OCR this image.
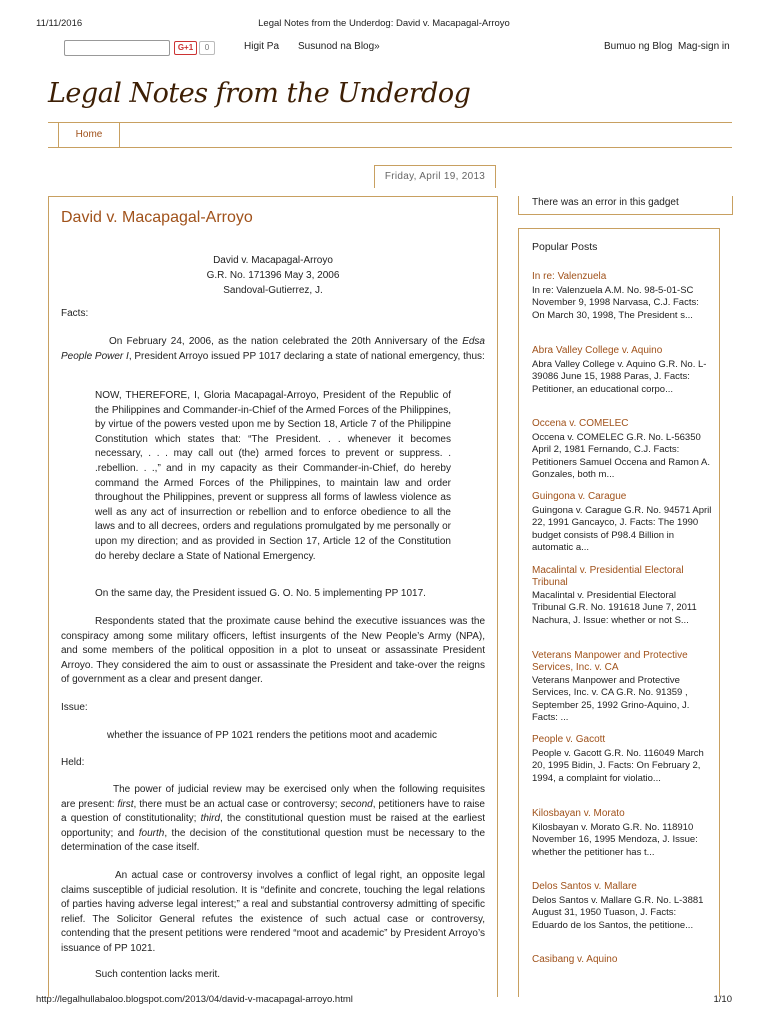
11/11/2016	Legal Notes from the Underdog: David v. Macapagal-Arroyo
G+1	0	Higit Pa Susunod na Blog»	Bumuo ng Blog Mag-sign in
Legal Notes from the Underdog
Home
Friday, April 19, 2013
David v. Macapagal-Arroyo
David v. Macapagal-Arroyo
G.R. No. 171396 May 3, 2006
Sandoval-Gutierrez, J.
Facts:
On February 24, 2006, as the nation celebrated the 20th Anniversary of the Edsa People Power I, President Arroyo issued PP 1017 declaring a state of national emergency, thus:
NOW, THEREFORE, I, Gloria Macapagal-Arroyo, President of the Republic of the Philippines and Commander-in-Chief of the Armed Forces of the Philippines, by virtue of the powers vested upon me by Section 18, Article 7 of the Philippine Constitution which states that: “The President. . . whenever it becomes necessary, . . . may call out (the) armed forces to prevent or suppress. . .rebellion. . .,” and in my capacity as their Commander-in-Chief, do hereby command the Armed Forces of the Philippines, to maintain law and order throughout the Philippines, prevent or suppress all forms of lawless violence as well as any act of insurrection or rebellion and to enforce obedience to all the laws and to all decrees, orders and regulations promulgated by me personally or upon my direction; and as provided in Section 17, Article 12 of the Constitution do hereby declare a State of National Emergency.
On the same day, the President issued G. O. No. 5 implementing PP 1017.
Respondents stated that the proximate cause behind the executive issuances was the conspiracy among some military officers, leftist insurgents of the New People’s Army (NPA), and some members of the political opposition in a plot to unseat or assassinate President Arroyo. They considered the aim to oust or assassinate the President and take-over the reigns of government as a clear and present danger.
Issue:
whether the issuance of PP 1021 renders the petitions moot and academic
Held:
The power of judicial review may be exercised only when the following requisites are present: first, there must be an actual case or controversy; second, petitioners have to raise a question of constitutionality; third, the constitutional question must be raised at the earliest opportunity; and fourth, the decision of the constitutional question must be necessary to the determination of the case itself.
An actual case or controversy involves a conflict of legal right, an opposite legal claims susceptible of judicial resolution. It is “definite and concrete, touching the legal relations of parties having adverse legal interest;” a real and substantial controversy admitting of specific relief. The Solicitor General refutes the existence of such actual case or controversy, contending that the present petitions were rendered “moot and academic” by President Arroyo’s issuance of PP 1021.
Such contention lacks merit.
There was an error in this gadget
Popular Posts
In re: Valenzuela
In re: Valenzuela A.M. No. 98-5-01-SC November 9, 1998 Narvasa, C.J. Facts: On March 30, 1998, The President s...
Abra Valley College v. Aquino
Abra Valley College v. Aquino G.R. No. L-39086 June 15, 1988 Paras, J. Facts: Petitioner, an educational corpo...
Occena v. COMELEC
Occena v. COMELEC G.R. No. L-56350 April 2, 1981 Fernando, C.J. Facts: Petitioners Samuel Occena and Ramon A. Gonzales, both m...
Guingona v. Carague
Guingona v. Carague G.R. No. 94571 April 22, 1991 Gancayco, J. Facts: The 1990 budget consists of P98.4 Billion in automatic a...
Macalintal v. Presidential Electoral Tribunal
Macalintal v. Presidential Electoral Tribunal G.R. No. 191618 June 7, 2011 Nachura, J. Issue: whether or not S...
Veterans Manpower and Protective Services, Inc. v. CA
Veterans Manpower and Protective Services, Inc. v. CA G.R. No. 91359 , September 25, 1992 Grino-Aquino, J. Facts: ...
People v. Gacott
People v. Gacott G.R. No. 116049 March 20, 1995 Bidin, J. Facts: On February 2, 1994, a complaint for violatio...
Kilosbayan v. Morato
Kilosbayan v. Morato G.R. No. 118910 November 16, 1995 Mendoza, J. Issue: whether the petitioner has t...
Delos Santos v. Mallare
Delos Santos v. Mallare G.R. No. L-3881 August 31, 1950 Tuason, J. Facts: Eduardo de los Santos, the petitione...
Casibang v. Aquino
http://legalhullabaloo.blogspot.com/2013/04/david-v-macapagal-arroyo.html	1/10
